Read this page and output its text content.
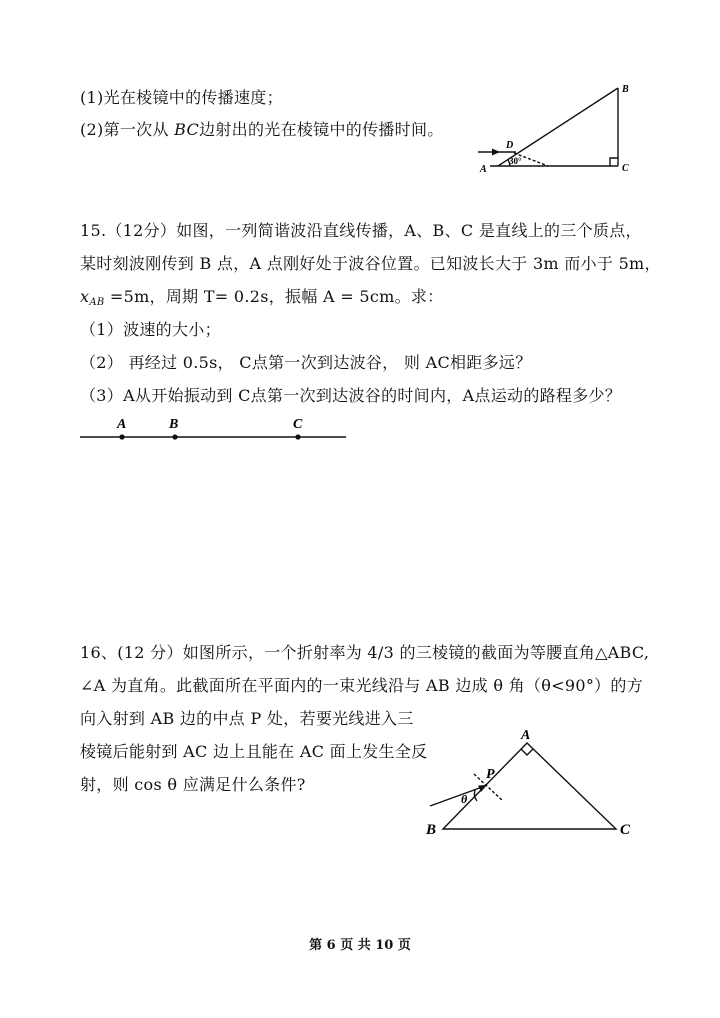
(1)光在棱镜中的传播速度；
(2)第一次从 BC边射出的光在棱镜中的传播时间。
B
C
A
D
30°
15.（12分）如图，一列简谐波沿直线传播，A、B、C 是直线上的三个质点，
某时刻波刚传到 B 点，A 点刚好处于波谷位置。已知波长大于 3m 而小于 5m，
$x_{AB} =5m$，周期 T= 0.2s，振幅 A = 5cm。求：
（1）波速的大小；
（2） 再经过 0.5s， C点第一次到达波谷， 则 AC相距多远？
（3）A从开始振动到 C点第一次到达波谷的时间内，A点运动的路程多少？
A	B	C
16、(12 分）如图所示，一个折射率为 4/3 的三棱镜的截面为等腰直角△ABC,
∠A 为直角。此截面所在平面内的一束光线沿与 AB 边成 θ 角（θ<90°）的方
向入射到 AB 边的中点 P 处，若要光线进入三
棱镜后能射到 AC 边上且能在 AC 面上发生全反
射，则 cos θ 应满足什么条件?
A
B	C
P
θ
第 6 页 共 10 页
